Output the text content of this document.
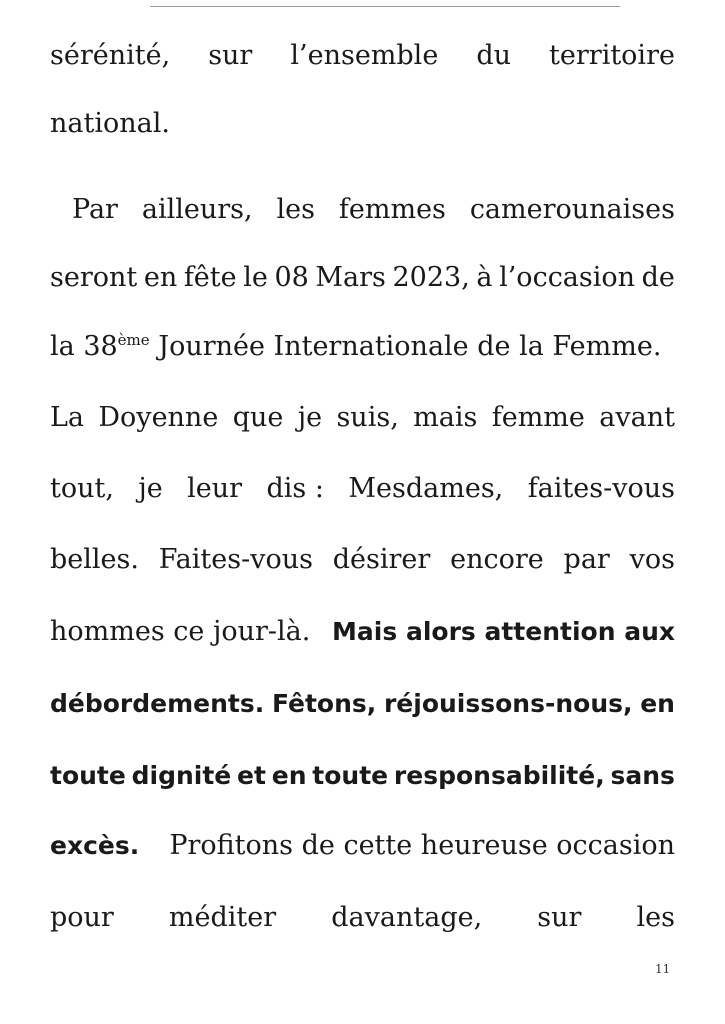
sérénité, sur l’ensemble du territoire
national.
Par ailleurs, les femmes camerounaises
seront en fête le 08 Mars 2023, à l’occasion de
la 38ème Journée Internationale de la Femme.
La Doyenne que je suis, mais femme avant
tout, je leur dis : Mesdames, faites-vous
belles. Faites-vous désirer encore par vos
hommes ce jour-là. Mais alors attention aux
débordements. Fêtons, réjouissons-nous, en
toute dignité et en toute responsabilité, sans
excès. Profitons de cette heureuse occasion
pour méditer davantage, sur les
11
